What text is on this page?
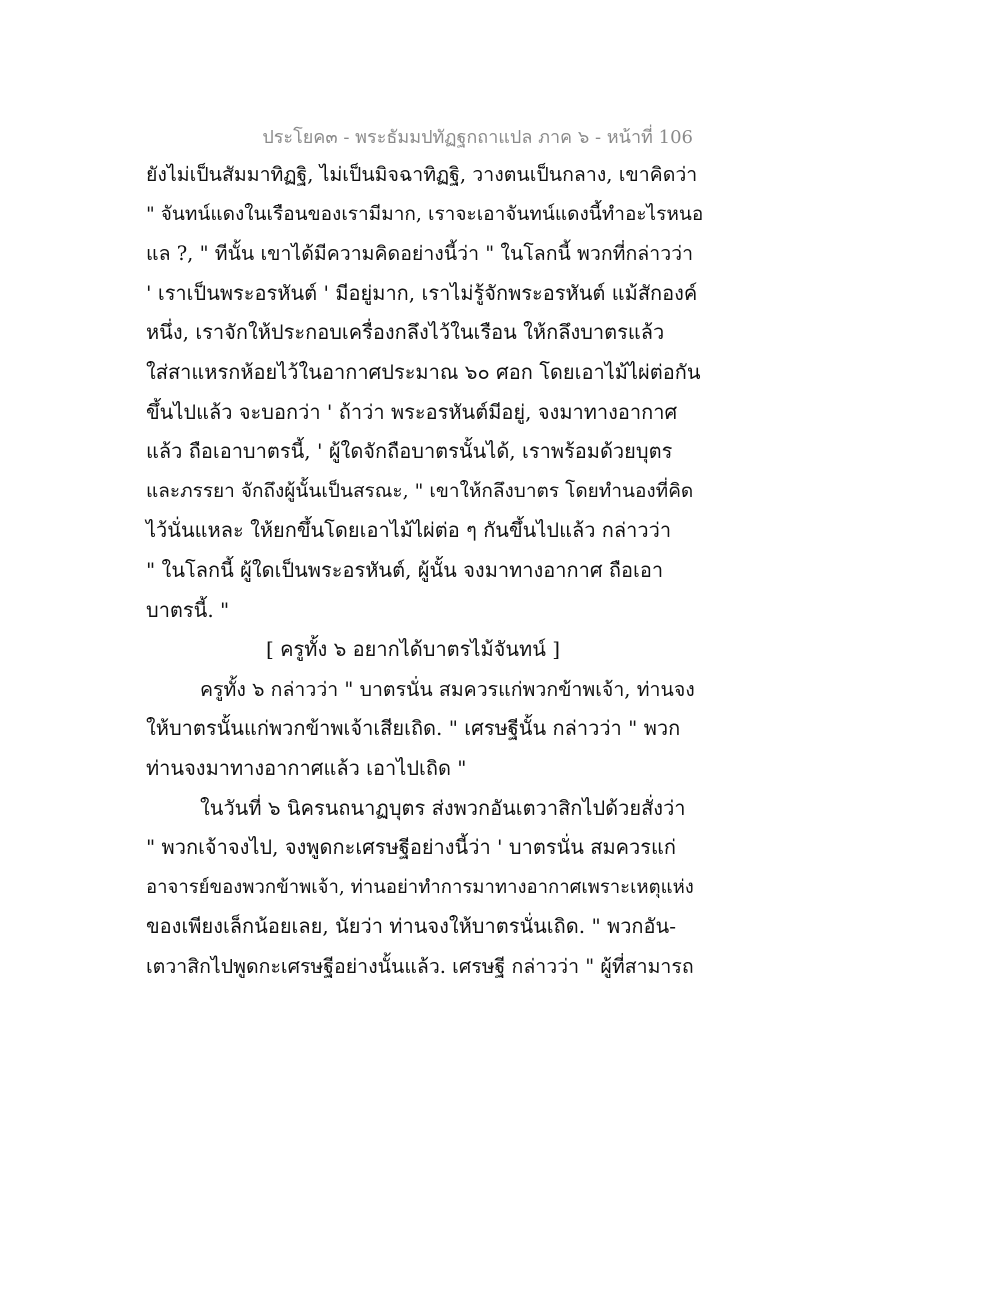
ประโยค๓ - พระธัมมปทัฏฐกถาแปล ภาค ๖ - หน้าที่ 106
ยังไม่เป็นสัมมาทิฏฐิ, ไม่เป็นมิจฉาทิฏฐิ, วางตนเป็นกลาง, เขาคิดว่า
" จันทน์แดงในเรือนของเรามีมาก, เราจะเอาจันทน์แดงนี้ทำอะไรหนอ
แล ?, " ทีนั้น เขาได้มีความคิดอย่างนี้ว่า " ในโลกนี้ พวกที่กล่าวว่า
' เราเป็นพระอรหันต์ ' มีอยู่มาก, เราไม่รู้จักพระอรหันต์ แม้สักองค์
หนึ่ง, เราจักให้ประกอบเครื่องกลึงไว้ในเรือน ให้กลึงบาตรแล้ว
ใส่สาแหรกห้อยไว้ในอากาศประมาณ ๖๐ ศอก โดยเอาไม้ไผ่ต่อกัน
ขึ้นไปแล้ว จะบอกว่า ' ถ้าว่า พระอรหันต์มีอยู่, จงมาทางอากาศ
แล้ว ถือเอาบาตรนี้, ' ผู้ใดจักถือบาตรนั้นได้, เราพร้อมด้วยบุตร
และภรรยา จักถึงผู้นั้นเป็นสรณะ, " เขาให้กลึงบาตร โดยทำนองที่คิด
ไว้นั่นแหละ ให้ยกขึ้นโดยเอาไม้ไผ่ต่อ ๆ กันขึ้นไปแล้ว กล่าวว่า
" ในโลกนี้ ผู้ใดเป็นพระอรหันต์, ผู้นั้น จงมาทางอากาศ ถือเอา
บาตรนี้. "
[ ครูทั้ง ๖ อยากได้บาตรไม้จันทน์ ]
ครูทั้ง ๖ กล่าวว่า " บาตรนั่น สมควรแก่พวกข้าพเจ้า, ท่านจง
ให้บาตรนั้นแก่พวกข้าพเจ้าเสียเถิด. " เศรษฐีนั้น กล่าวว่า " พวก
ท่านจงมาทางอากาศแล้ว เอาไปเถิด "
ในวันที่ ๖ นิครนถนาฏบุตร ส่งพวกอันเตวาสิกไปด้วยสั่งว่า
" พวกเจ้าจงไป, จงพูดกะเศรษฐีอย่างนี้ว่า ' บาตรนั่น สมควรแก่
อาจารย์ของพวกข้าพเจ้า, ท่านอย่าทำการมาทางอากาศเพราะเหตุแห่ง
ของเพียงเล็กน้อยเลย, นัยว่า ท่านจงให้บาตรนั่นเถิด. " พวกอัน-
เตวาสิกไปพูดกะเศรษฐีอย่างนั้นแล้ว. เศรษฐี กล่าวว่า " ผู้ที่สามารถ
